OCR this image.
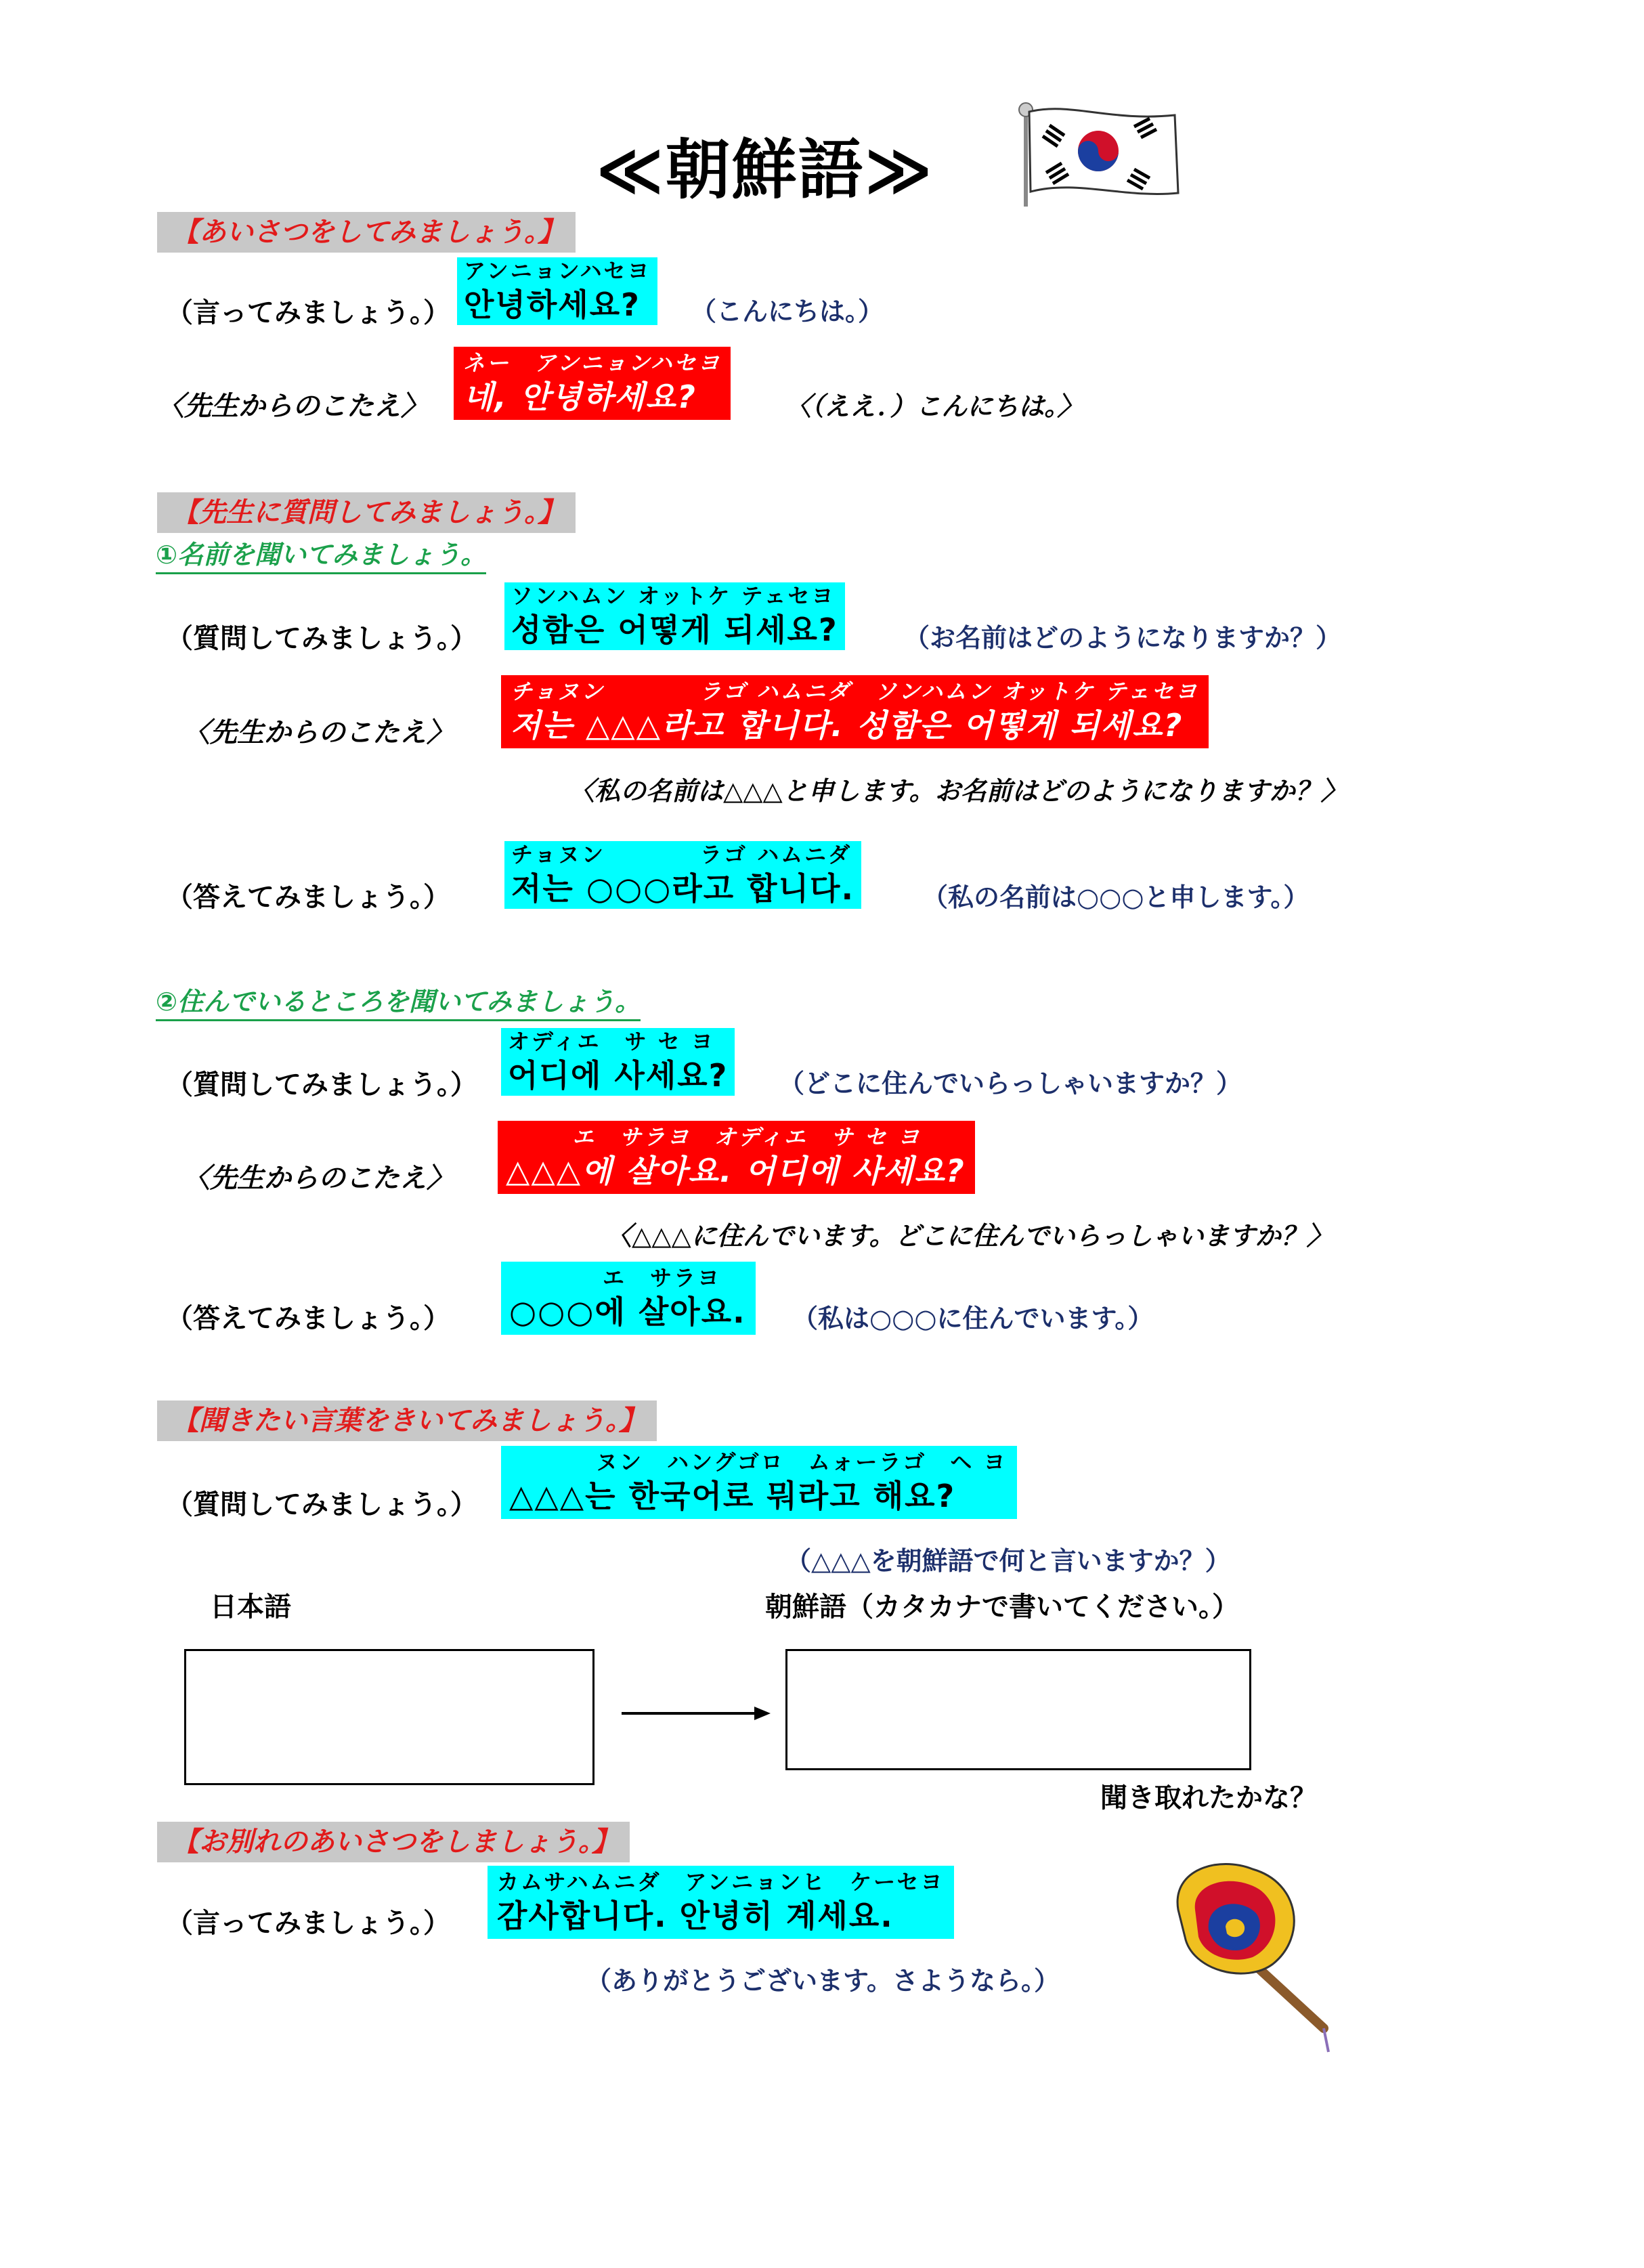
≪朝鮮語≫
【あいさつをしてみましょう。】
（言ってみましょう。）
アンニョンハセヨ
안녕하세요?	（こんにちは。）
〈先生からのこたえ〉
ネー　アンニョンハセヨ
네, 안녕하세요?	〈（ええ．）こんにちは。〉
【先生に質問してみましょう。】
①名前を聞いてみましょう。
（質問してみましょう。）
ソンハムン オットケ テェセヨ
성함은 어떻게 되세요?	（お名前はどのようになりますか？）
〈先生からのこたえ〉
チョヌン　　　　ラゴ ハムニダ　ソンハムン オットケ テェセヨ
저는 △△△라고 합니다. 성함은 어떻게 되세요?
〈私の名前は△△△と申します。お名前はどのようになりますか？〉
（答えてみましょう。）
チョヌン　　　　ラゴ ハムニダ
저는 ○○○라고 합니다.	（私の名前は○○○と申します。）
②住んでいるところを聞いてみましょう。
（質問してみましょう。）
オディエ　サ セ ヨ
어디에 사세요? （どこに住んでいらっしゃいますか？）
〈先生からのこたえ〉
エ　サラヨ　オディエ　サ セ ヨ
△△△에 살아요. 어디에 사세요?
〈△△△に住んでいます。どこに住んでいらっしゃいますか？〉
（答えてみましょう。）
エ　サラヨ
○○○에 살아요. （私は○○○に住んでいます。）
【聞きたい言葉をきいてみましょう。】
（質問してみましょう。）
ヌン　ハングゴロ　ムォーラゴ　ヘ ヨ
△△△는 한국어로 뭐라고 해요?
（△△△を朝鮮語で何と言いますか？）
日本語	朝鮮語（カタカナで書いてください。）
聞き取れたかな？
【お別れのあいさつをしましょう。】
（言ってみましょう。）
カムサハムニダ　アンニョンヒ　ケーセヨ
감사합니다. 안녕히 계세요.
（ありがとうございます。さようなら。）
